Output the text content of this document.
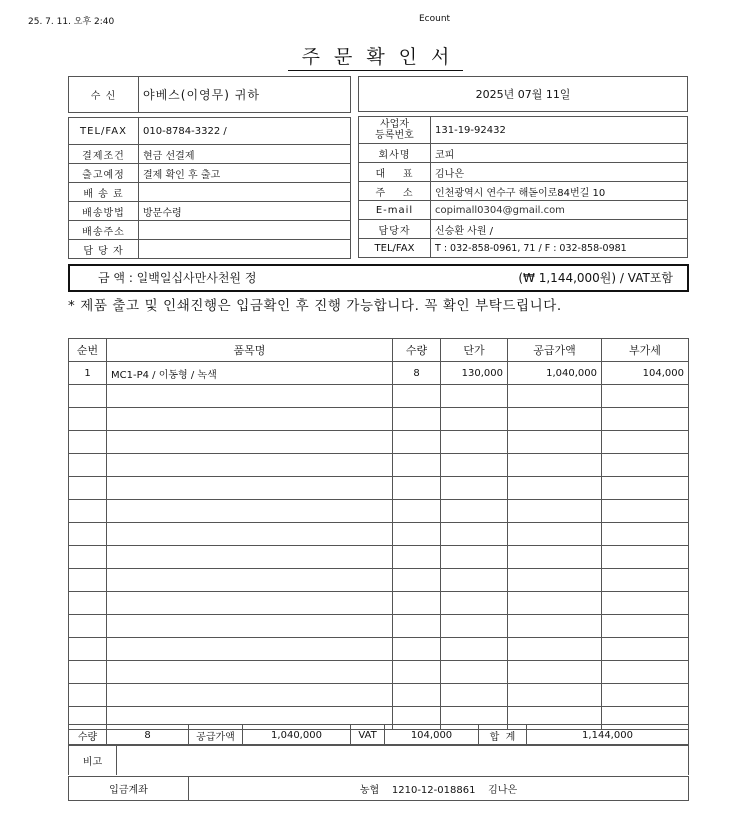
25. 7. 11. 오후 2:40	Ecount
주문확인서
수 신	야베스(이영무) 귀하

TEL/FAX	010-8784-3322 /
결제조건	현금 선결제
출고예정	결제 확인 후 출고
배 송 료	
배송방법	방문수령
배송주소	
담 당 자	
2025년 07월 11일	

사업자
등록번호	131-19-92432
회사명	코피
대    표	김나은
주    소	인천광역시 연수구 해돋이로84번길 10
E-mail	copimall0304@gmail.com
담당자	신승환 사원 /
TEL/FAX	T : 032-858-0961, 71 / F : 032-858-0981
금 액 : 일백일십사만사천원 정	(₩ 1,144,000원) / VAT포함
* 제품 출고 및 인쇄진행은 입금확인 후 진행 가능합니다. 꼭 확인 부탁드립니다.
순번	품목명	수량	단가	공급가액	부가세
1	MC1-P4 / 이동형 / 녹색	8	130,000	1,040,000	104,000

수량	8	공급가액	1,040,000	VAT	104,000	합  계	1,144,000
비고	
입금계좌	농협    1210-12-018861    김나은
